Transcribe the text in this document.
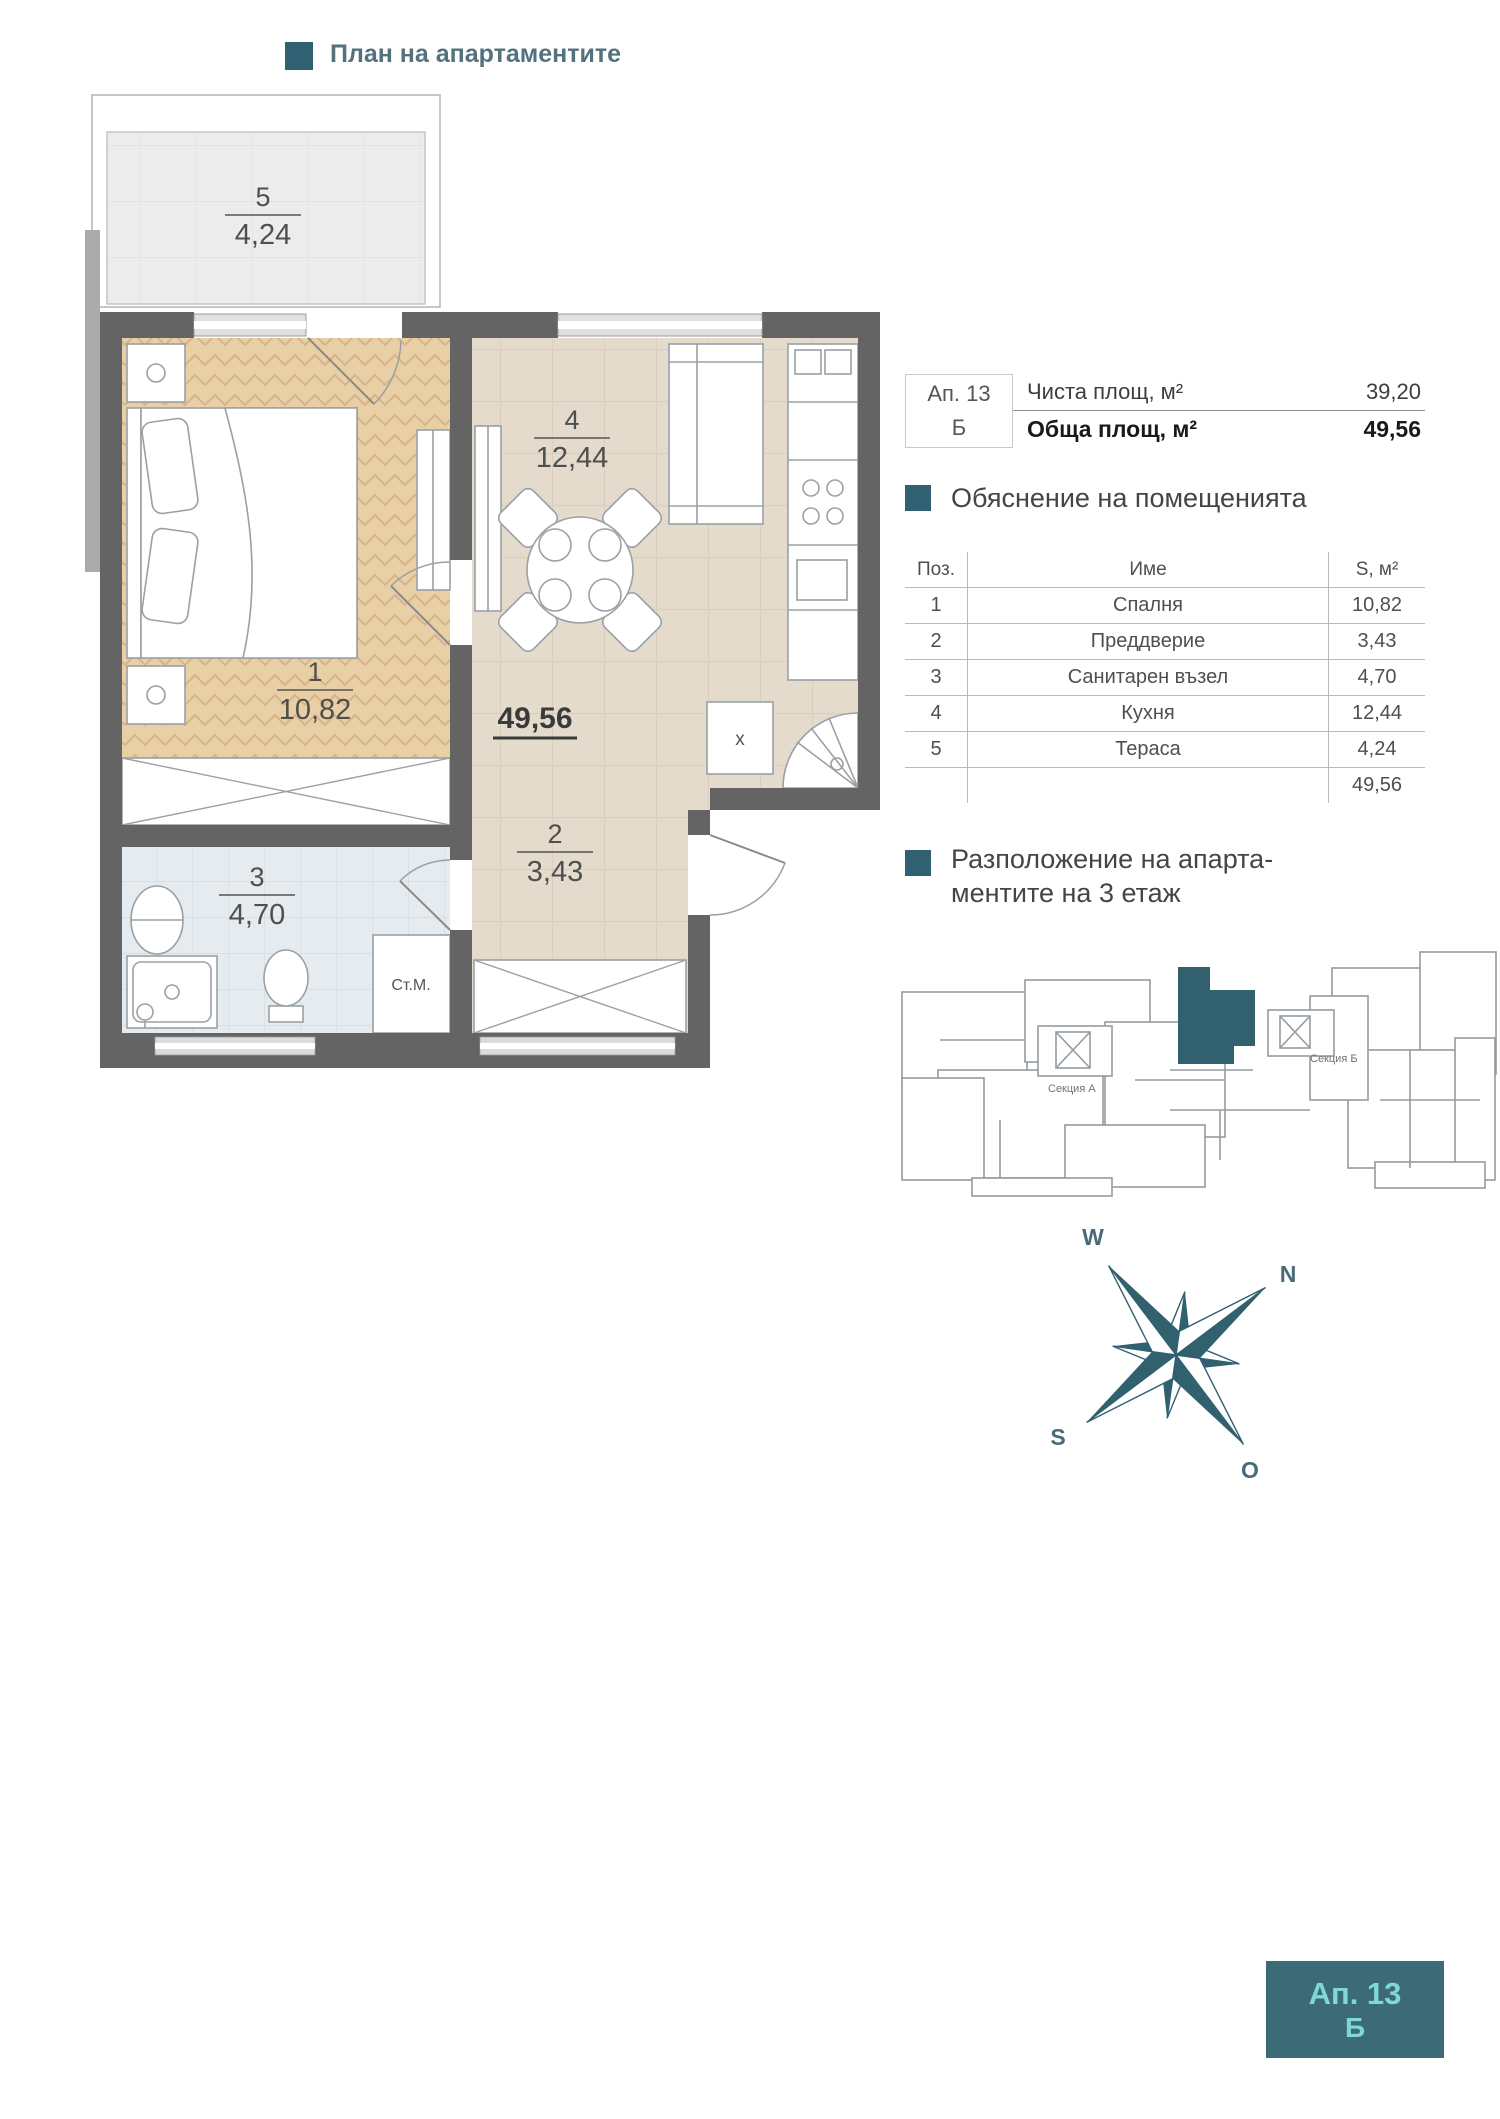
План на апартаментите
5
4,24
1
10,82
4
12,44
2
3,43
3
4,70
49,56
Ст.М.
x
Ап. 13
Б
Чиста площ, м²	39,20
Обща площ, м²	49,56
Обяснение на помещенията
Поз.	Име	S, м²
1	Спалня	10,82
2	Преддверие	3,43
3	Санитарен възел	4,70
4	Кухня	12,44
5	Тераса	4,24
		49,56
Разположение на апарта-
ментите на 3 етаж
Секция А
Секция Б
W
N
S
O
Ап. 13
Б
